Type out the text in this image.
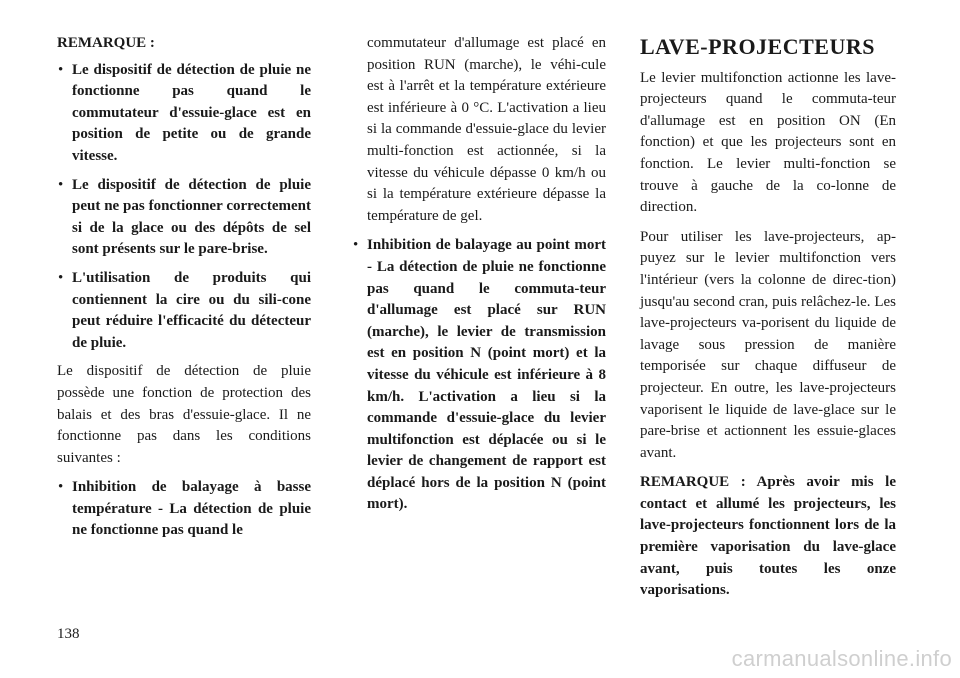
REMARQUE :

• Le dispositif de détection de pluie ne fonctionne pas quand le commutateur d'essuie-glace est en position de petite ou de grande vitesse.
• Le dispositif de détection de pluie peut ne pas fonctionner correctement si de la glace ou des dépôts de sel sont présents sur le pare-brise.
• L'utilisation de produits qui contiennent la cire ou du sili-cone peut réduire l'efficacité du détecteur de pluie.

Le dispositif de détection de pluie possède une fonction de protection des balais et des bras d'essuie-glace. Il ne fonctionne pas dans les conditions suivantes :

• Inhibition de balayage à basse température - La détection de pluie ne fonctionne pas quand le

commutateur d'allumage est placé en position RUN (marche), le véhi-cule est à l'arrêt et la température extérieure est inférieure à 0 °C. L'activation a lieu si la commande d'essuie-glace du levier multi-fonction est actionnée, si la vitesse du véhicule dépasse 0 km/h ou si la température extérieure dépasse la température de gel.

• Inhibition de balayage au point mort - La détection de pluie ne fonctionne pas quand le commuta-teur d'allumage est placé sur RUN (marche), le levier de transmission est en position N (point mort) et la vitesse du véhicule est inférieure à 8 km/h. L'activation a lieu si la commande d'essuie-glace du levier multifonction est déplacée ou si le levier de changement de rapport est déplacé hors de la position N (point mort).
LAVE-PROJECTEURS

Le levier multifonction actionne les lave-projecteurs quand le commuta-teur d'allumage est en position ON (En fonction) et que les projecteurs sont en fonction. Le levier multi-fonction se trouve à gauche de la co-lonne de direction.

Pour utiliser les lave-projecteurs, ap-puyez sur le levier multifonction vers l'intérieur (vers la colonne de direc-tion) jusqu'au second cran, puis relâchez-le. Les lave-projecteurs va-porisent du liquide de lavage sous pression de manière temporisée sur chaque diffuseur de projecteur. En outre, les lave-projecteurs vaporisent le liquide de lave-glace sur le pare-brise et actionnent les essuie-glaces avant.

REMARQUE : Après avoir mis le contact et allumé les projecteurs, les lave-projecteurs fonctionnent lors de la première vaporisation du lave-glace avant, puis toutes les onze vaporisations.

138
carmanualsonline.info
